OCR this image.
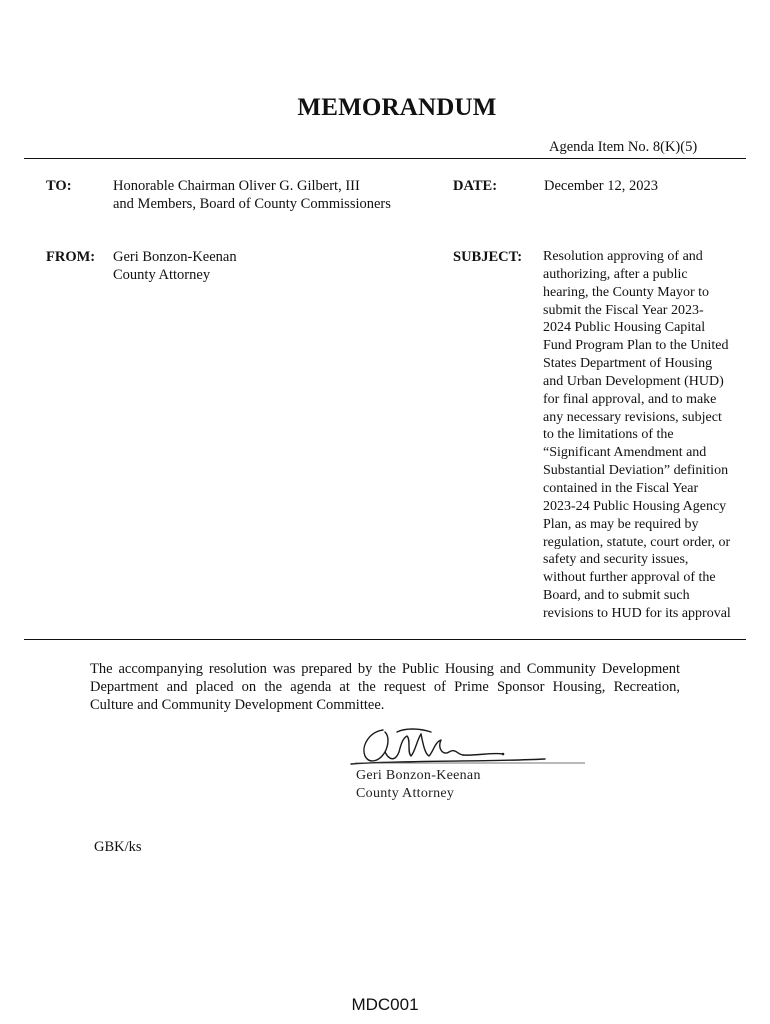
MEMORANDUM
Agenda Item No. 8(K)(5)
TO:	Honorable Chairman Oliver G. Gilbert, III
and Members, Board of County Commissioners
DATE:	December 12, 2023
FROM: Geri Bonzon-Keenan
County Attorney
SUBJECT: Resolution approving of and
authorizing, after a public
hearing, the County Mayor to
submit the Fiscal Year 2023-
2024 Public Housing Capital
Fund Program Plan to the United
States Department of Housing
and Urban Development (HUD)
for final approval, and to make
any necessary revisions, subject
to the limitations of the
“Significant Amendment and
Substantial Deviation” definition
contained in the Fiscal Year
2023-24 Public Housing Agency
Plan, as may be required by
regulation, statute, court order, or
safety and security issues,
without further approval of the
Board, and to submit such
revisions to HUD for its approval
The accompanying resolution was prepared by the Public Housing and Community Development
Department and placed on the agenda at the request of Prime Sponsor Housing, Recreation,
Culture and Community Development Committee.
Geri Bonzon-Keenan
County Attorney
GBK/ks
MDC001
